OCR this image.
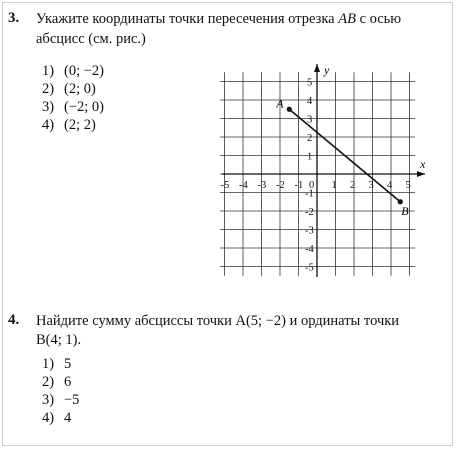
3. Укажите координаты точки пересечения отрезка AB с осью
абсцисс (см. рис.)
1) (0; −2)
2) (2; 0)
3) (−2; 0)
4) (2; 2)
x
y
-5 -4 -3 -2 -1 0 1 2 3 4 5
1
2
3
4
5
-1
-2
-3
-4
-5
A
B
4. Найдите сумму абсциссы точки A(5; −2) и ординаты точки
B(4; 1).
1) 5
2) 6
3) −5
4) 4
